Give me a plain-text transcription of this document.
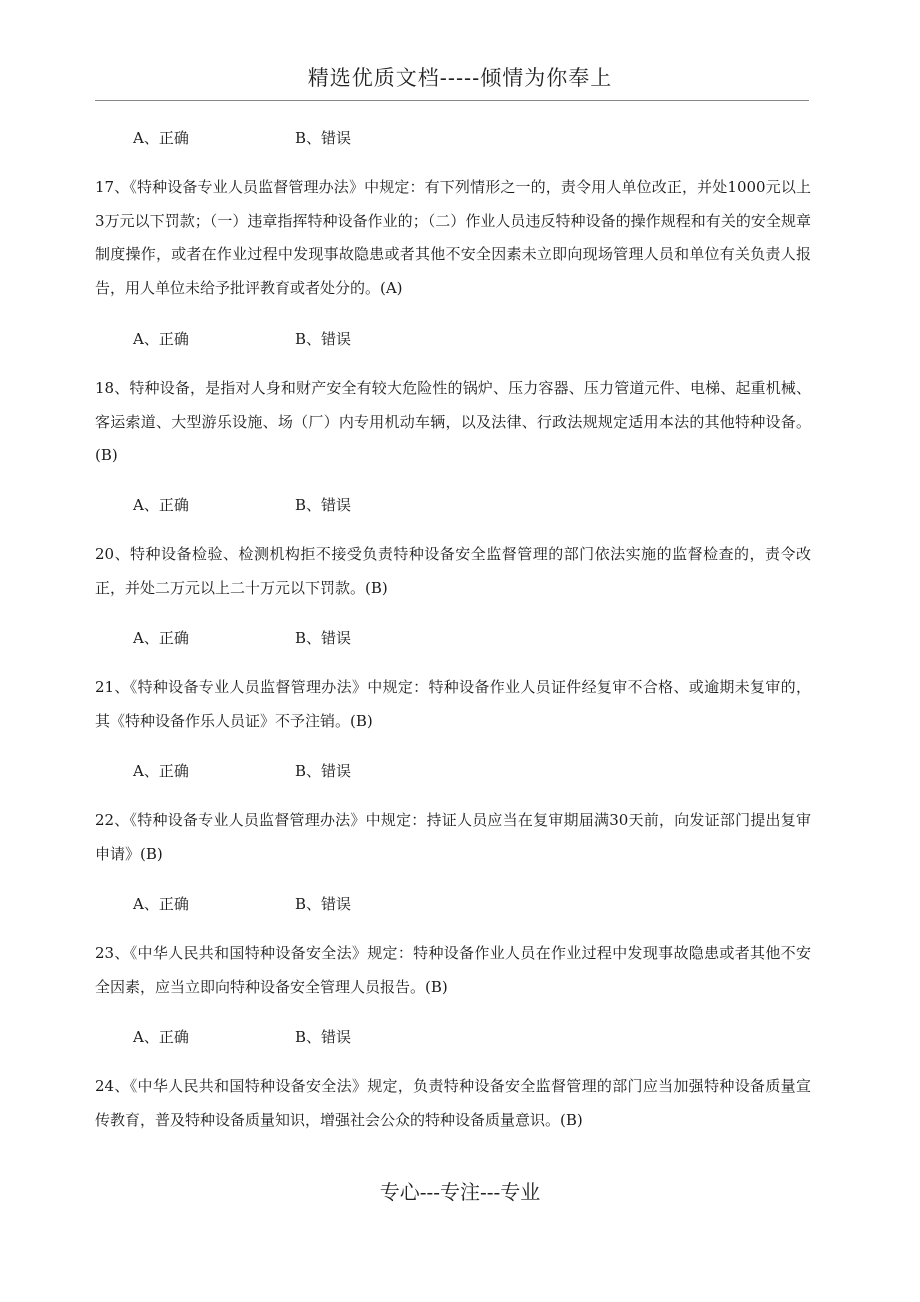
精选优质文档-----倾情为你奉上
A、正确	B、错误
17、《特种设备专业人员监督管理办法》中规定：有下列情形之一的，责令用人单位改正，并处1000元以上3万元以下罚款；（一）违章指挥特种设备作业的；（二）作业人员违反特种设备的操作规程和有关的安全规章制度操作，或者在作业过程中发现事故隐患或者其他不安全因素未立即向现场管理人员和单位有关负责人报告，用人单位未给予批评教育或者处分的。(A)
A、正确	B、错误
18、特种设备，是指对人身和财产安全有较大危险性的锅炉、压力容器、压力管道元件、电梯、起重机械、客运索道、大型游乐设施、场（厂）内专用机动车辆，以及法律、行政法规规定适用本法的其他特种设备。(B)
A、正确	B、错误
20、特种设备检验、检测机构拒不接受负责特种设备安全监督管理的部门依法实施的监督检查的，责令改正，并处二万元以上二十万元以下罚款。(B)
A、正确	B、错误
21、《特种设备专业人员监督管理办法》中规定：特种设备作业人员证件经复审不合格、或逾期未复审的，其《特种设备作乐人员证》不予注销。(B)
A、正确	B、错误
22、《特种设备专业人员监督管理办法》中规定：持证人员应当在复审期届满30天前，向发证部门提出复审申请》(B)
A、正确	B、错误
23、《中华人民共和国特种设备安全法》规定：特种设备作业人员在作业过程中发现事故隐患或者其他不安全因素，应当立即向特种设备安全管理人员报告。(B)
A、正确	B、错误
24、《中华人民共和国特种设备安全法》规定，负责特种设备安全监督管理的部门应当加强特种设备质量宣传教育，普及特种设备质量知识，增强社会公众的特种设备质量意识。(B)
专心---专注---专业
